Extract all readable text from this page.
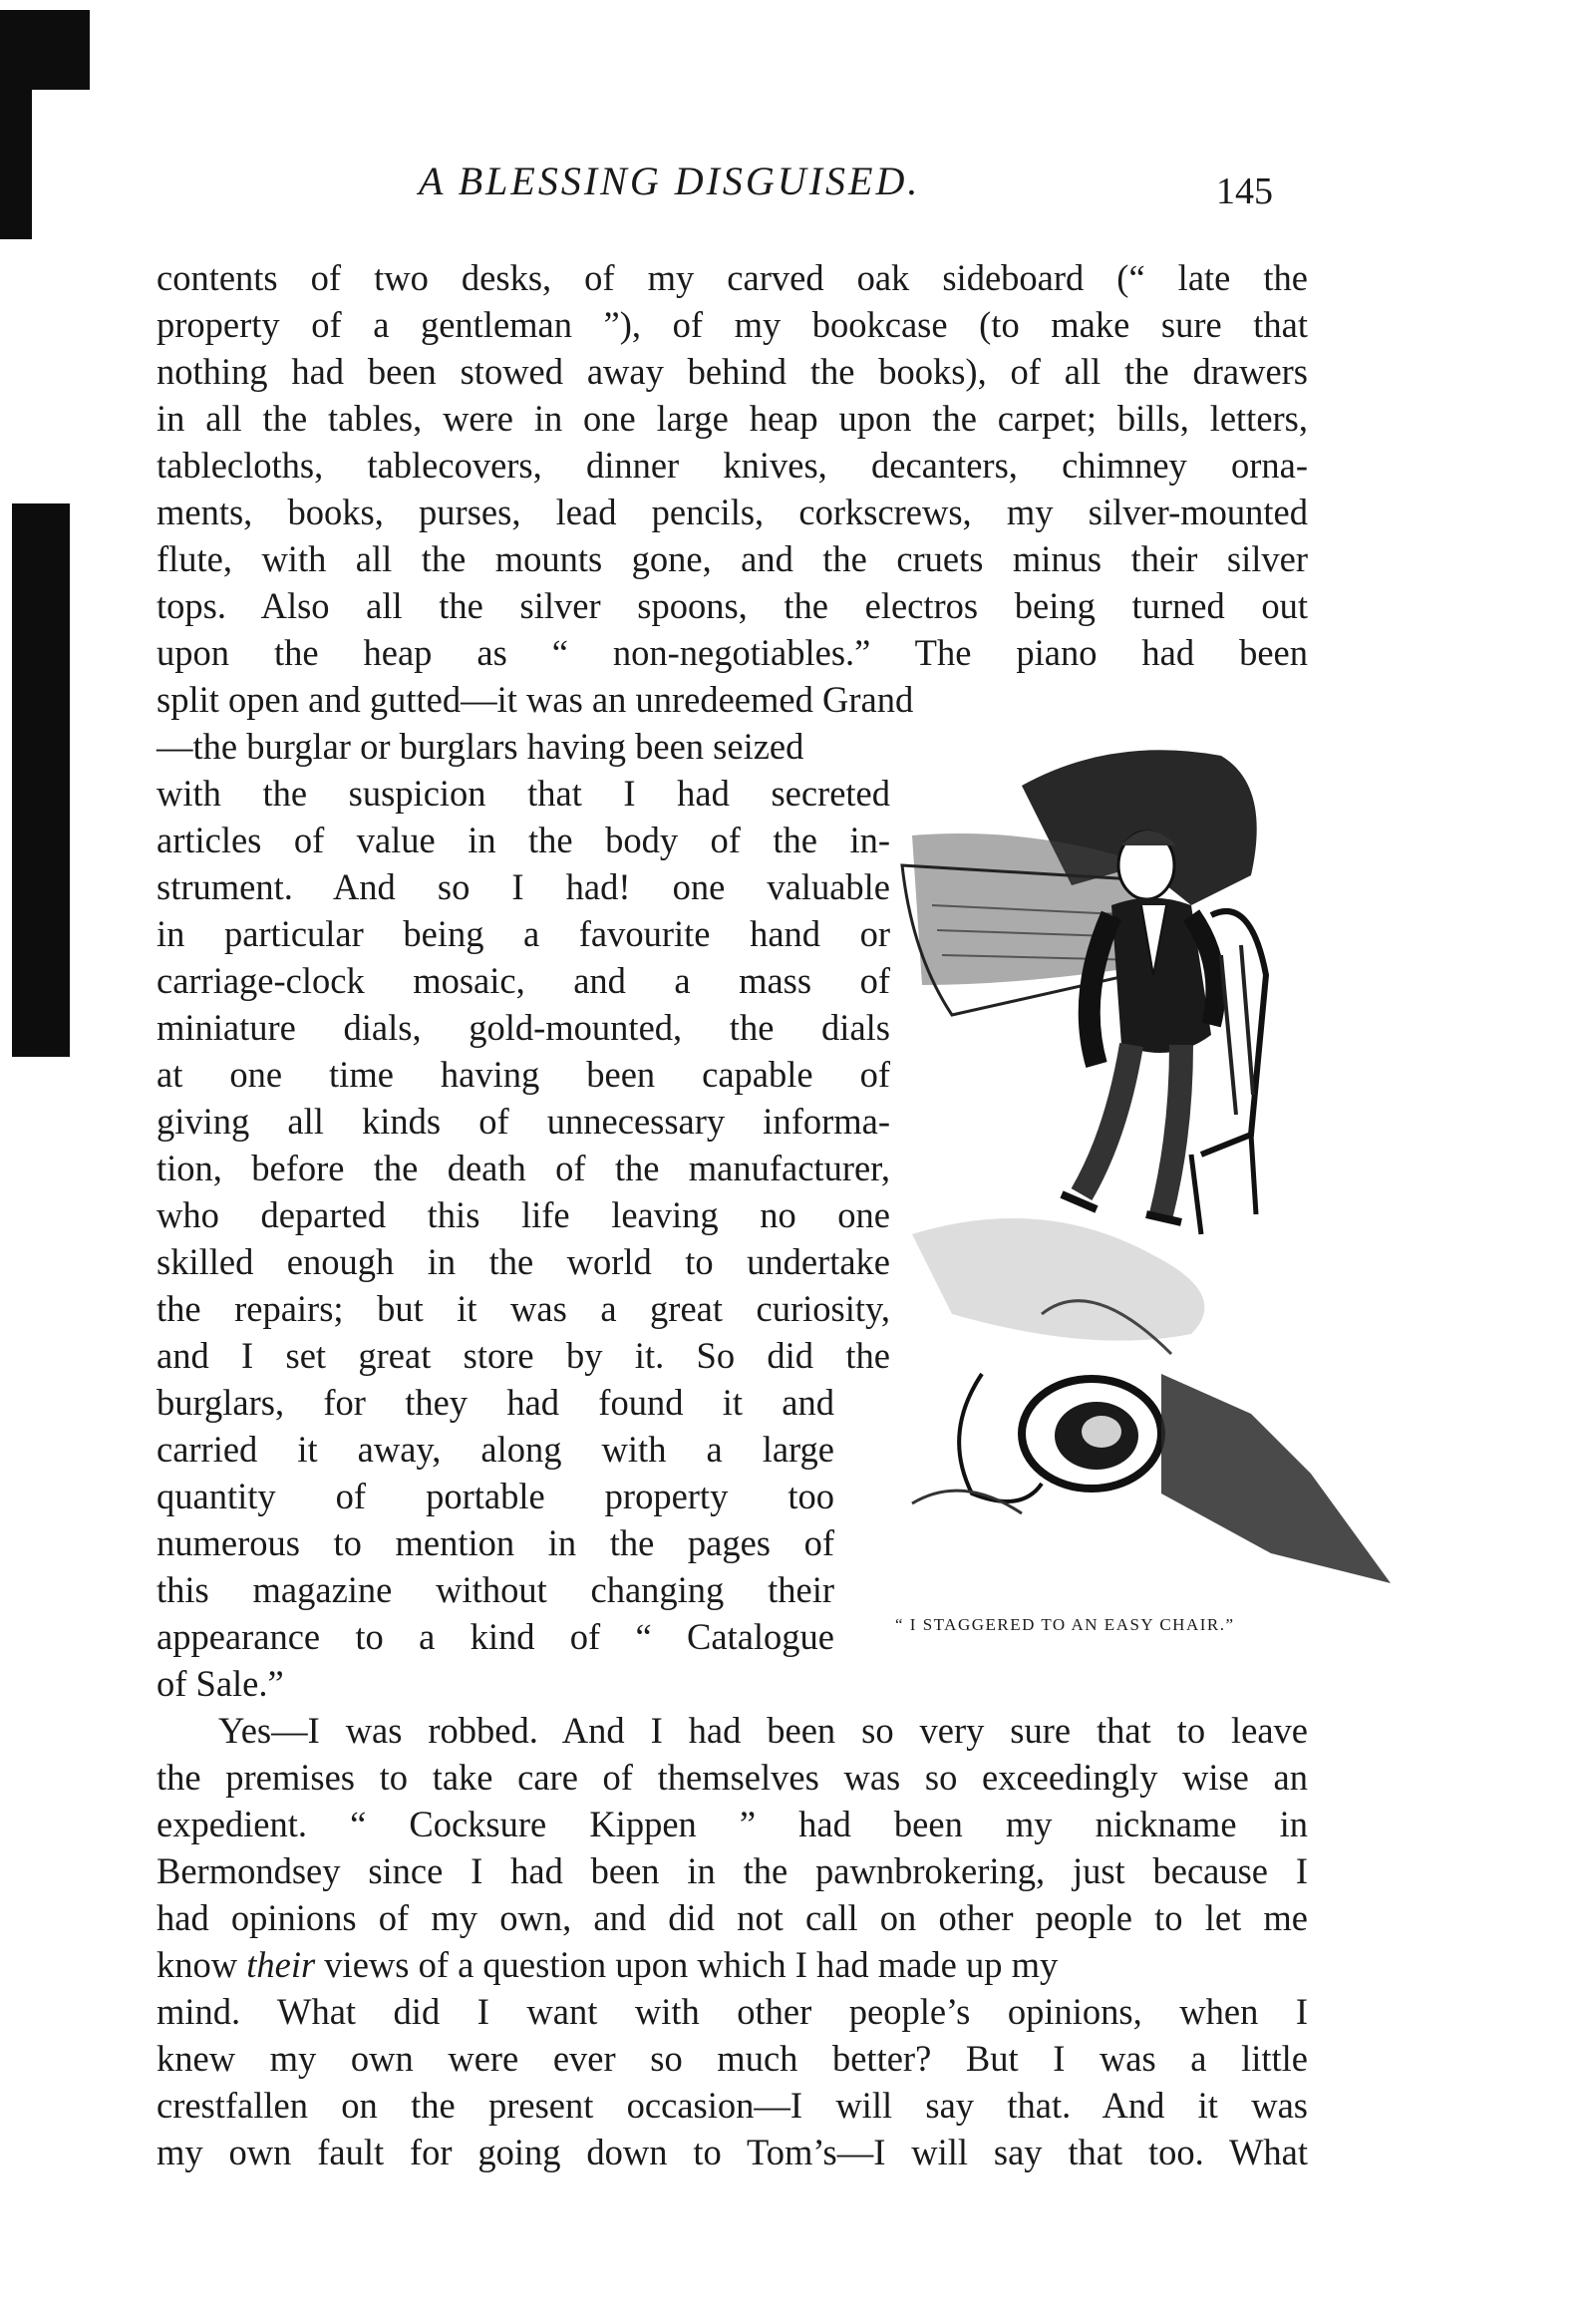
A BLESSING DISGUISED.	145
contents of two desks, of my carved oak sideboard (“ late the
property of a gentleman ”), of my bookcase (to make sure that
nothing had been stowed away behind the books), of all the drawers
in all the tables, were in one large heap upon the carpet; bills, letters,
tablecloths, tablecovers, dinner knives, decanters, chimney orna-
ments, books, purses, lead pencils, corkscrews, my silver-mounted
flute, with all the mounts gone, and the cruets minus their silver
tops. Also all the silver spoons, the electros being turned out
upon the heap as “ non-negotiables.” The piano had been
split open and gutted—it was an unredeemed Grand
—the burglar or burglars having been seized
with the suspicion that I had secreted
articles of value in the body of the in-
strument. And so I had! one valuable
in particular being a favourite hand or
carriage-clock mosaic, and a mass of
miniature dials, gold-mounted, the dials
at one time having been capable of
giving all kinds of unnecessary informa-
tion, before the death of the manufacturer,
who departed this life leaving no one
skilled enough in the world to undertake
the repairs; but it was a great curiosity,
and I set great store by it. So did the
burglars, for they had found it and
carried it away, along with a large
quantity of portable property too
numerous to mention in the pages of
this magazine without changing their
appearance to a kind of “ Catalogue
of Sale.”
Yes—I was robbed. And I had been so very sure that to leave
the premises to take care of themselves was so exceedingly wise an
expedient. “ Cocksure Kippen ” had been my nickname in
Bermondsey since I had been in the pawnbrokering, just because I
had opinions of my own, and did not call on other people to let me
know their views of a question upon which I had made up my
mind. What did I want with other people’s opinions, when I
knew my own were ever so much better? But I was a little
crestfallen on the present occasion—I will say that. And it was
my own fault for going down to Tom’s—I will say that too. What
“ I STAGGERED TO AN EASY CHAIR.”
